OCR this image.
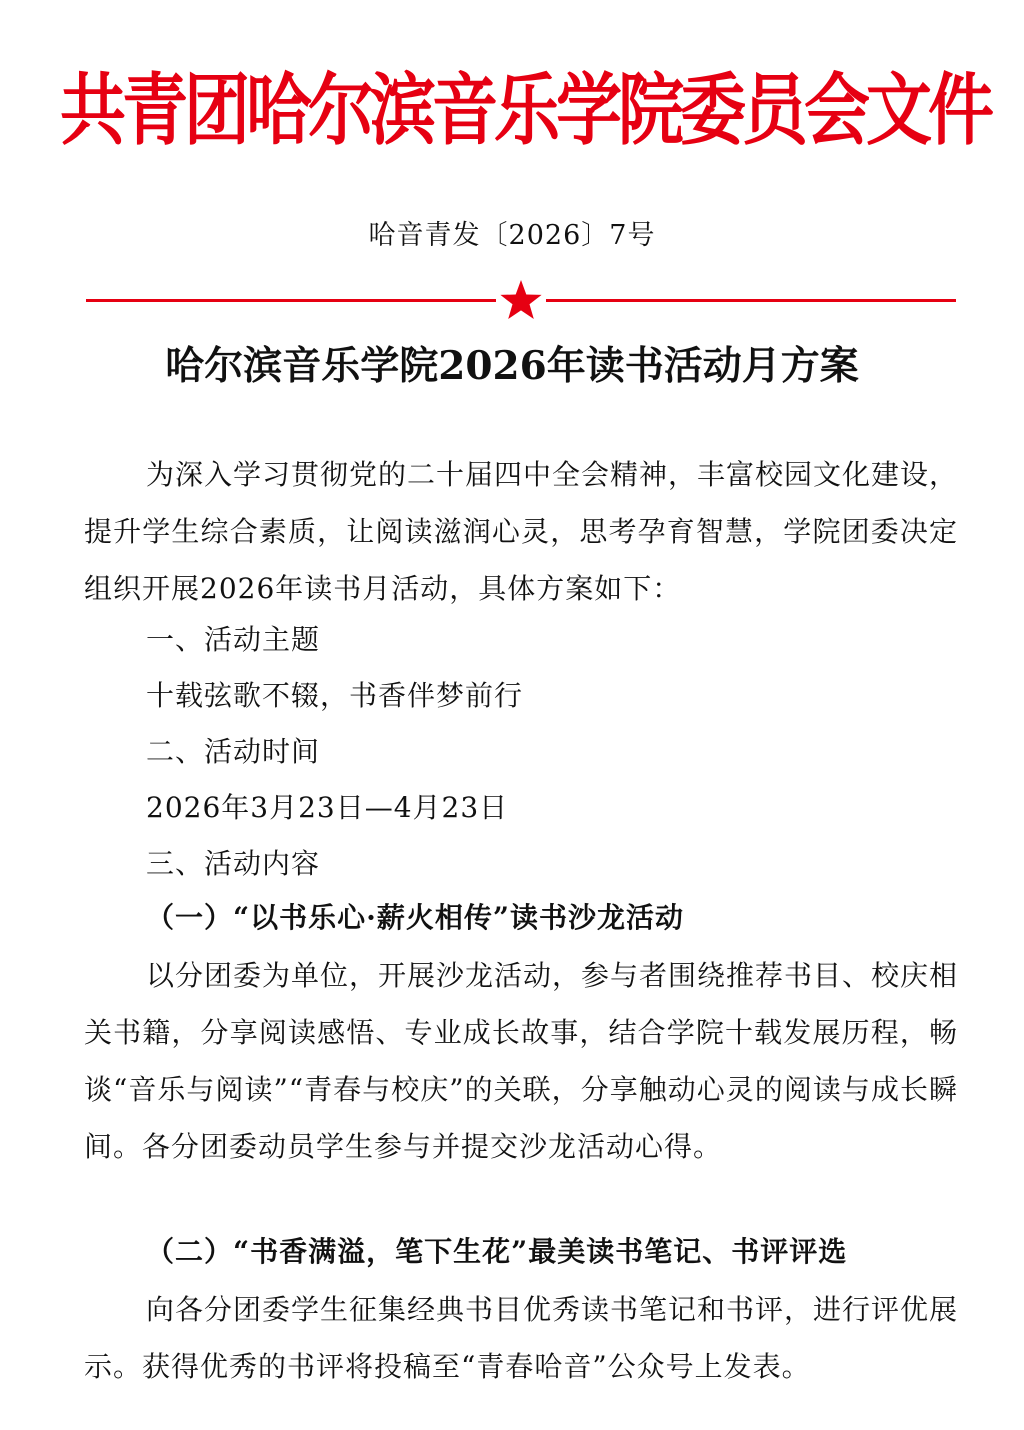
共青团哈尔滨音乐学院委员会文件
哈音青发〔2026〕7号
哈尔滨音乐学院2026年读书活动月方案
为深入学习贯彻党的二十届四中全会精神，丰富校园文化建设，提升学生综合素质，让阅读滋润心灵，思考孕育智慧，学院团委决定组织开展2026年读书月活动，具体方案如下：
一、活动主题
十载弦歌不辍，书香伴梦前行
二、活动时间
2026年3月23日—4月23日
三、活动内容
（一）“以书乐心·薪火相传”读书沙龙活动
以分团委为单位，开展沙龙活动，参与者围绕推荐书目、校庆相关书籍，分享阅读感悟、专业成长故事，结合学院十载发展历程，畅谈“音乐与阅读”“青春与校庆”的关联，分享触动心灵的阅读与成长瞬间。各分团委动员学生参与并提交沙龙活动心得。
（二）“书香满溢，笔下生花”最美读书笔记、书评评选
向各分团委学生征集经典书目优秀读书笔记和书评，进行评优展示。获得优秀的书评将投稿至“青春哈音”公众号上发表。
